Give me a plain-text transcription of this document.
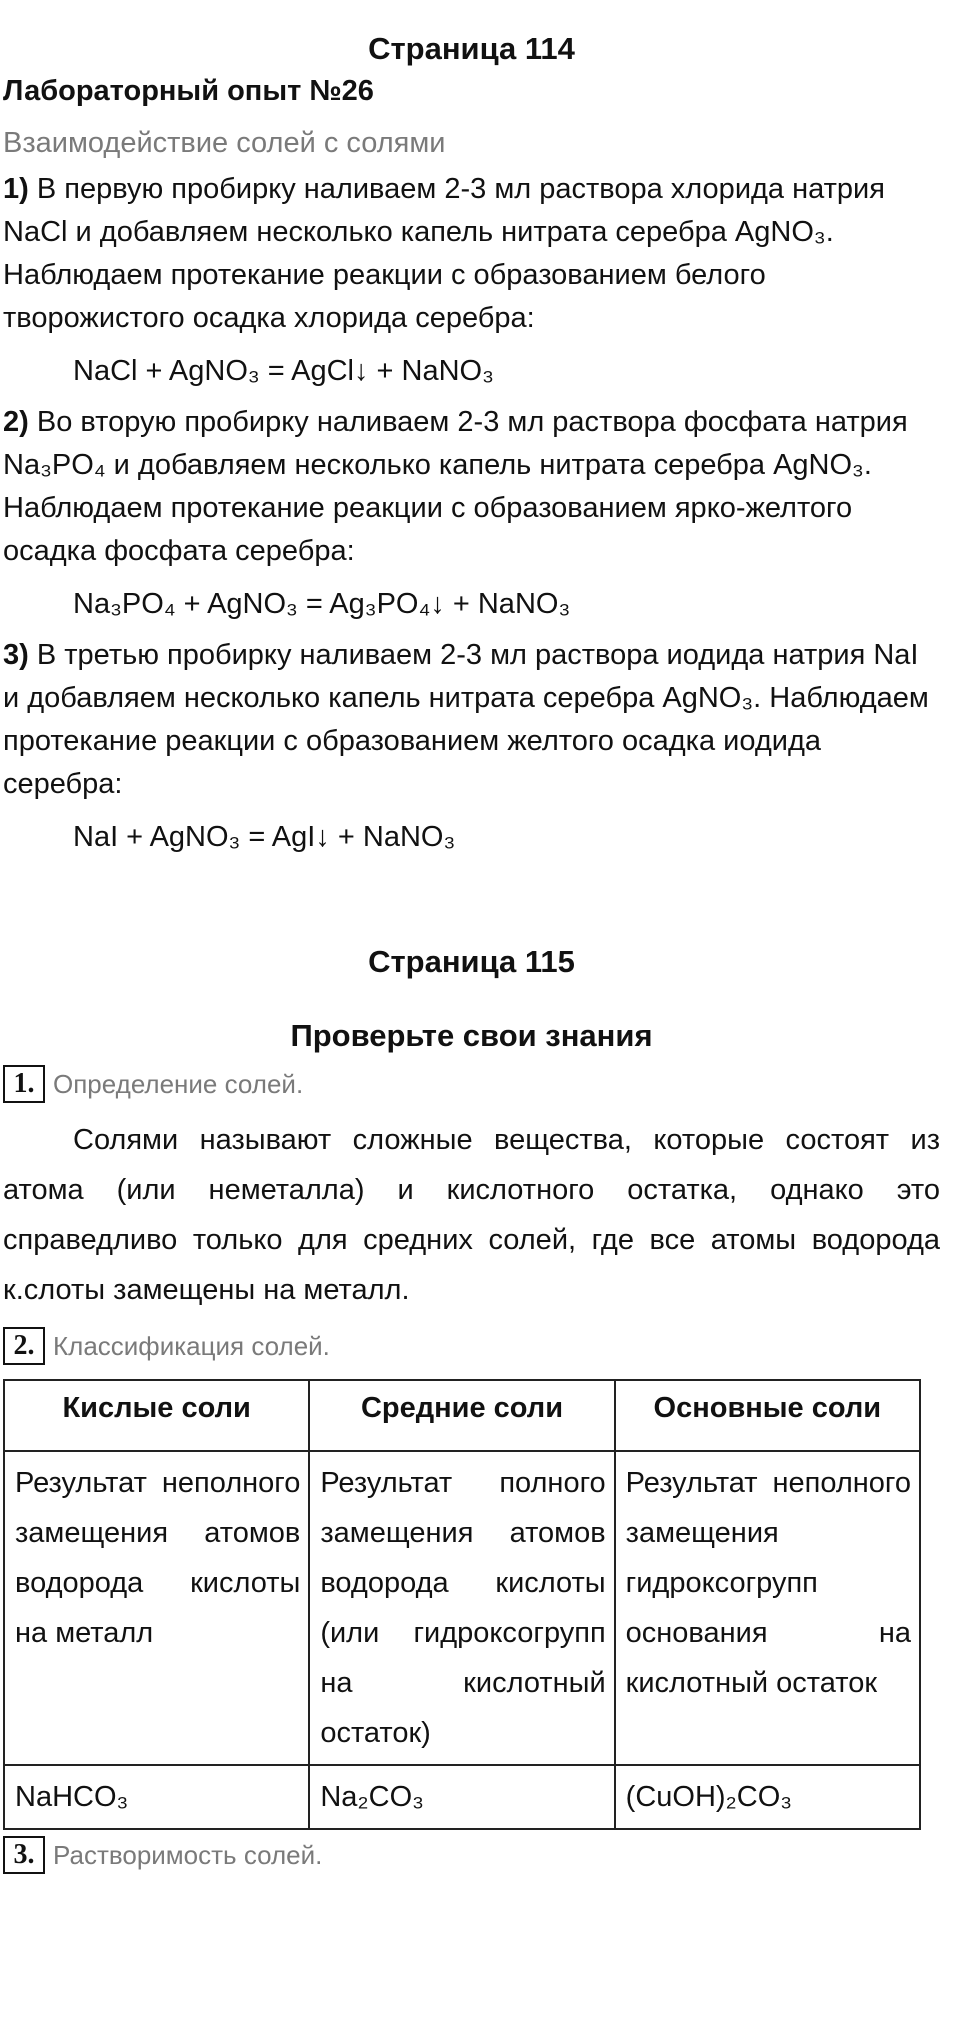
Страница 114
Лабораторный опыт №26
Взаимодействие солей с солями
1) В первую пробирку наливаем 2-3 мл раствора хлорида натрия NaCl и добавляем несколько капель нитрата серебра AgNO₃. Наблюдаем протекание реакции с образованием белого творожистого осадка хлорида серебра:
NaCl + AgNO₃ = AgCl↓ + NaNO₃
2) Во вторую пробирку наливаем 2-3 мл раствора фосфата натрия Na₃PO₄ и добавляем несколько капель нитрата серебра AgNO₃. Наблюдаем протекание реакции с образованием ярко-желтого осадка фосфата серебра:
Na₃PO₄ + AgNO₃ = Ag₃PO₄↓ + NaNO₃
3) В третью пробирку наливаем 2-3 мл раствора иодида натрия NaI и добавляем несколько капель нитрата серебра AgNO₃. Наблюдаем протекание реакции с образованием желтого осадка иодида серебра:
NaI + AgNO₃ = AgI↓ + NaNO₃
Страница 115
Проверьте свои знания
1. Определение солей.
Солями называют сложные вещества, которые состоят из атома (или неметалла) и кислотного остатка, однако это справедливо только для средних солей, где все атомы водорода к.слоты замещены на металл.
2. Классификация солей.
Кислые соли	Средние соли	Основные соли
Результат неполного замещения атомов водорода кислоты на металл	Результат полного замещения атомов водорода кислоты (или гидроксогрупп на кислотный остаток)	Результат неполного замещения гидроксогрупп основания на кислотный остаток
NaHCO₃	Na₂CO₃	(CuOH)₂CO₃
3. Растворимость солей.
